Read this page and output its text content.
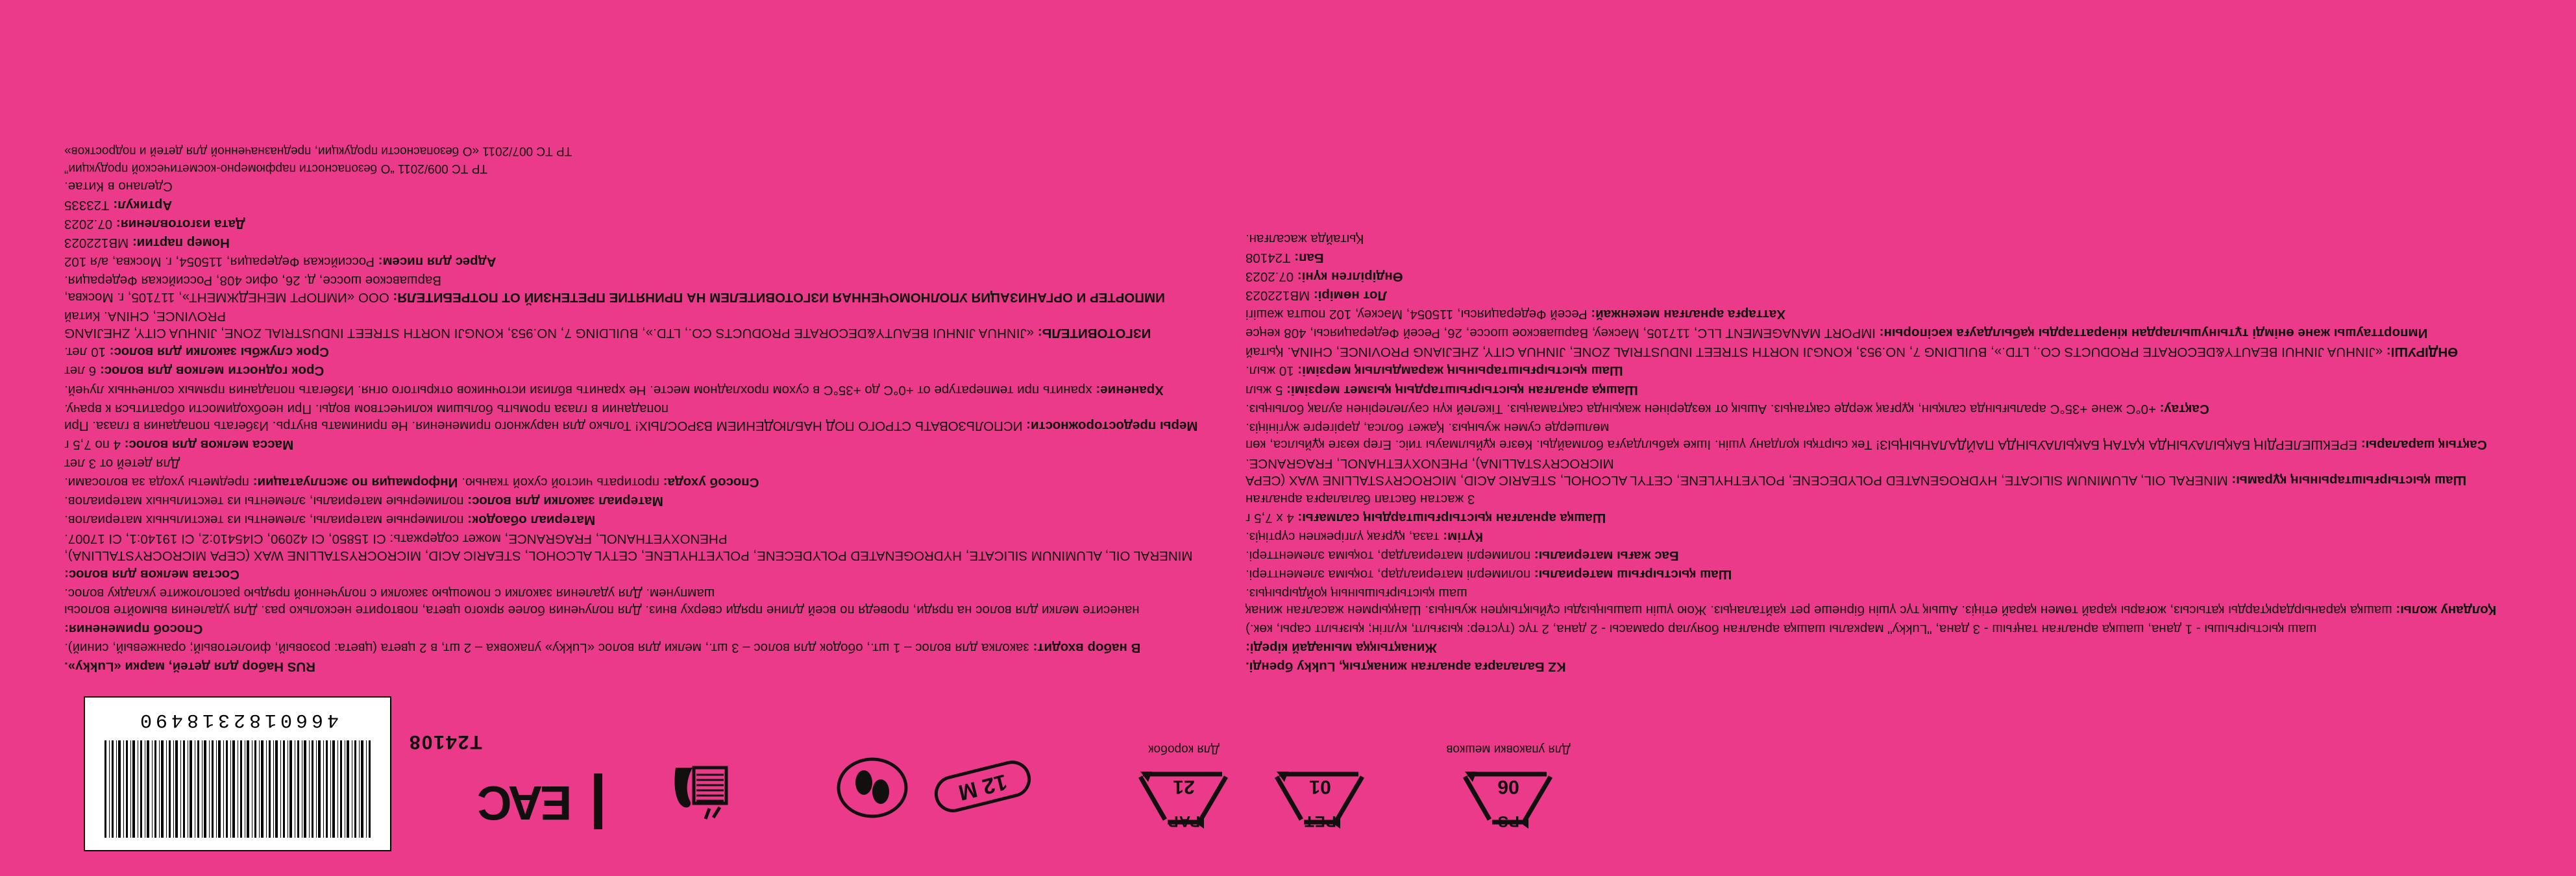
4660182318490
T24108
ЕАС	12 M
PAP
21
Для коробок
PET
01
PS
06
Для упаковки мешков

RUS Набор для детей, марки «Lukky».

В набор входит: заколка для волос – 1 шт., ободок для волос – 3 шт., мелки для волос «Lukky» упаковка – 2 шт, в 2 цвета (цвета: розовый, фиолетовый; оранжевый, синий).

Способ применения:

нанесите мелки для волос на пряди, проведя по всей длине пряди сверху вниз. Для получения более яркого цвета, повторите несколько раз. Для удаления вымойте волосы шампунем. Для удаления заколки с помощью заколки с полученной прядью расположите укладку волос.

Состав мелков для волос:

MINERAL OIL, ALUMINUM SILICATE, HYDROGENATED POLYDECENE, POLYETHYLENE, CETYL ALCOHOL, STEARIC ACID, MICROCRYSTALLINE WAX (СЕРА MICROCRYSTALLINA), PHENOXYETHANOL, FRAGRANCE, может содержать: CI 15850, CI 42090, CI45410:2, CI 19140:1, CI 17007.

Материал обаодок: полимерные материалы, элементы из текстильных материалов.

Материал заколки для волос: полимерные материалы, элементы из текстильных материалов.

Способ ухода: протирать чистой сухой тканью. Информация по эксплуатации: предметы ухода за волосами.

Для детей от 3 лет

Масса мелков для волос: 4 по 7,5 г

Меры предосторожности: ИСПОЛЬЗОВАТЬ СТРОГО ПОД НАБЛЮДЕНИЕМ ВЗРОСЛЫХ! Только для наружного применения. Не принимать внутрь. Избегать попадания в глаза. При попадании в глаза промыть большим количеством воды. При необходимости обратиться к врачу.

Хранение: хранить при температуре от +0°С до +35°С в сухом прохладном месте. Не хранить вблизи источников открытого огня. Избегать попадания прямых солнечных лучей.

Срок годности мелков для волос: 6 лет

Срок службы заколки для волос: 10 лет.

ИЗГОТОВИТЕЛЬ: «JINHUA JINHUI BEAUTY&DECORATE PRODUCTS CO., LTD.», BUILDING 7, NO.953, KONGJI NORTH STREET INDUSTRIAL ZONE, JINHUA CITY, ZHEJIANG PROVINCE, CHINA. Китай

ИМПОРТЕР И ОРГАНИЗАЦИЯ УПОЛНОМОЧЕННАЯ ИЗГОТОВИТЕЛЕМ НА ПРИНЯТИЕ ПРЕТЕНЗИЙ ОТ ПОТРЕБИТЕЛЯ: ООО «ИМПОРТ МЕНЕДЖМЕНТ», 117105, г. Москва, Варшавское шоссе, д. 26, офис 408, Российская Федерация.

Адрес для писем: Российская Федерация, 115054, г. Москва, а/я 102

Номер партии: MB122023

Дата изготовления: 07.2023

Артикул: T23335

Сделано в Китае.

ТР ТС 009/2011 “О безопасности парфюмерно-косметической продукции”

ТР ТС 007/2011 «О безопасности продукции, предназначенной для детей и подростков»

KZ Балаларға арналған жинақтық, Lukky бренді.

Жинақтыққа мынадай кіреді:

шаш қыстырғышы - 1 дана, шашқа арналған таңғыш - 3 дана, "Lukky" маркалы шашқа арналған бояулар орамасы - 2 дана, 2 түс (түстер: қызғылт, күлгін; қызғылт сары, көк.)

Қолдану жолы: шашқа қаранырдарқтарды қатысыз, жоғары қарай төмен қарай етіңіз. Ашық түс үшін бірнеше рет қайталаңыз. Жою үшін шашыңызды сұйықтықпен жуыңыз. Шаңқырмен жасалған жинақ шаш қыстырғышының қойдырыңыз.

Шаш қыстырғыш материалы: полимерлі материалдар, тоқыма элементтері.

Бас жағы материалы: полимерлі материалдар, тоқыма элементтері.

Күтім: таза, құрғақ үлгірекпен сүртіңіз.

Шашқа арналған қыстырғыштардың салмағы: 4 х 7,5 г

3 жастан бастап балаларға арналған

Шаш қыстырғыштарының құрамы: MINERAL OIL, ALUMINUM SILICATE, HYDROGENATED POLYDECENE, POLYETHYLENE, CETYL ALCOHOL, STEARIC ACID, MICROCRYSTALLINE WAX (СЕРА MICROCRYSTALLINA), PHENOXYETHANOL, FRAGRANCE.

Сақтық шаралары: ЕРЕКШЕЛЕРДІҢ БАҚЫЛАУЫНДА ҚАТАҢ БАҚЫЛАУЫНДА ПАЙДАЛАНЫҢЫЗ! Тек сыртқы қолдану үшін. Ішке қабылдауға болмайды. Көзге құйылмауы тиіс. Егер көзге құйылса, көп мөлшерде сумен жуыңыз. Қажет болса, дәрігерге жүгініңіз.

Сақтау: +0°С және +35°С аралығында салқын, құрғақ жерде сақтаңыз. Ашық от көздерінен жақында сақтамаңыз. Тікелей күн сәулелерінен аулақ болыңыз.

Шашқа арналған қыстырғыштардың қызмет мерзімі: 5 жыл

Шаш қыстырғыштарының жарамдылық мерзімі: 10 жыл.

ӨНДІРУШІ: «JINHUA JINHUI BEAUTY&DECORATE PRODUCTS CO., LTD.», BUILDING 7, NO.953, KONGJI NORTH STREET INDUSTRIAL ZONE, JINHUA CITY, ZHEJIANG PROVINCE, CHINA. Қытай

Импорттаушы және өнімді тұтынушылардан кінәраттарды қабылдауға кәсіпорын: IMPORT MANAGEMENT LLC, 117105, Мәскеу, Варшавское шоссе, 26, Ресей Федерациясы, 408 кеңсе

Хаттарға арналған мекенжай: Ресей Федерациясы, 115054, Мәскеу, 102 пошта жәшігі

Лот нөмірі: MB122023

Өндірілген күні: 07.2023

Бап: T24108

Қытайда жасалған.
